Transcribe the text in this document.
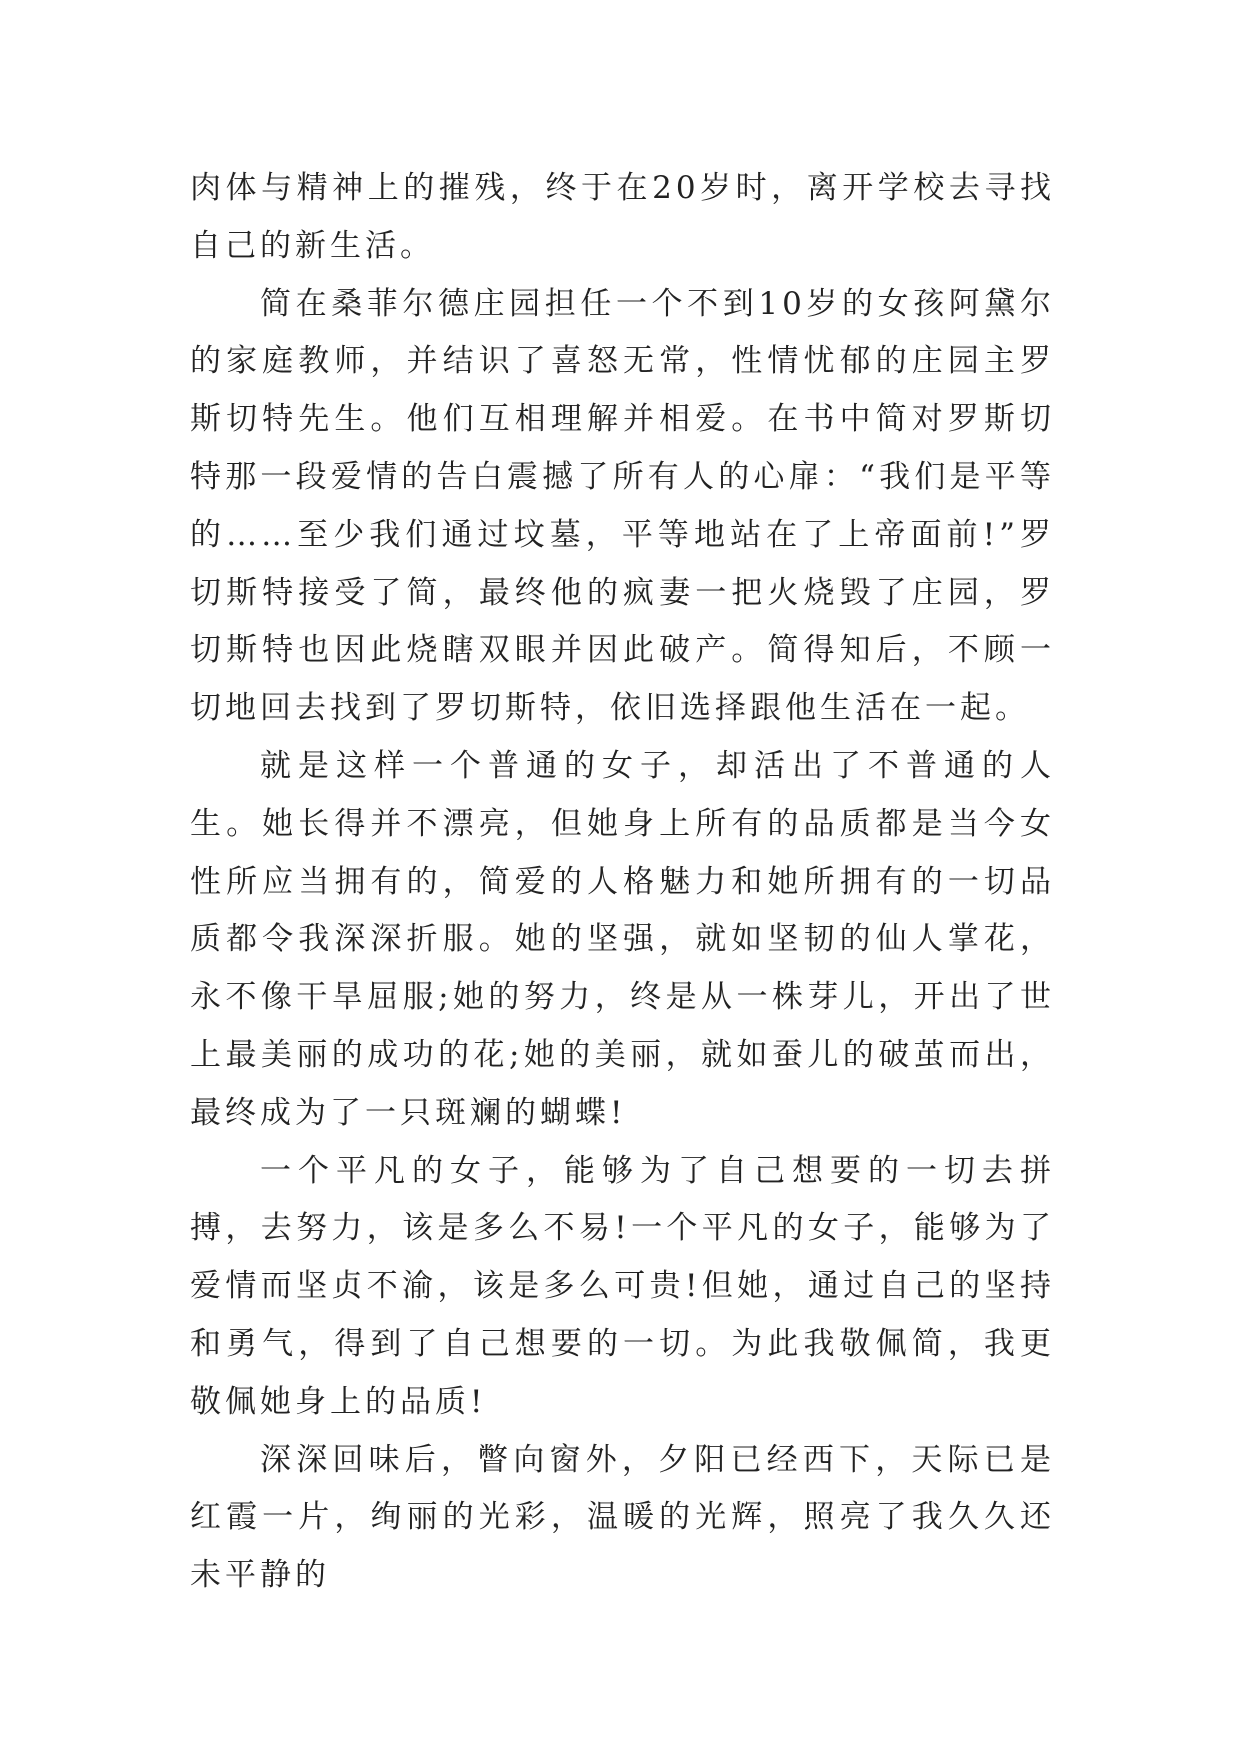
肉体与精神上的摧残，终于在20岁时，离开学校去寻找自己的新生活。

简在桑菲尔德庄园担任一个不到10岁的女孩阿黛尔的家庭教师，并结识了喜怒无常，性情忧郁的庄园主罗斯切特先生。他们互相理解并相爱。在书中简对罗斯切特那一段爱情的告白震撼了所有人的心扉：“我们是平等的……至少我们通过坟墓，平等地站在了上帝面前!”罗切斯特接受了简，最终他的疯妻一把火烧毁了庄园，罗切斯特也因此烧瞎双眼并因此破产。简得知后，不顾一切地回去找到了罗切斯特，依旧选择跟他生活在一起。

就是这样一个普通的女子，却活出了不普通的人生。她长得并不漂亮，但她身上所有的品质都是当今女性所应当拥有的，简爱的人格魅力和她所拥有的一切品质都令我深深折服。她的坚强，就如坚韧的仙人掌花，永不像干旱屈服;她的努力，终是从一株芽儿，开出了世上最美丽的成功的花;她的美丽，就如蚕儿的破茧而出，最终成为了一只斑斓的蝴蝶!

一个平凡的女子，能够为了自己想要的一切去拼搏，去努力，该是多么不易!一个平凡的女子，能够为了爱情而坚贞不渝，该是多么可贵!但她，通过自己的坚持和勇气，得到了自己想要的一切。为此我敬佩简，我更敬佩她身上的品质!

深深回味后，瞥向窗外，夕阳已经西下，天际已是红霞一片，绚丽的光彩，温暖的光辉，照亮了我久久还未平静的
